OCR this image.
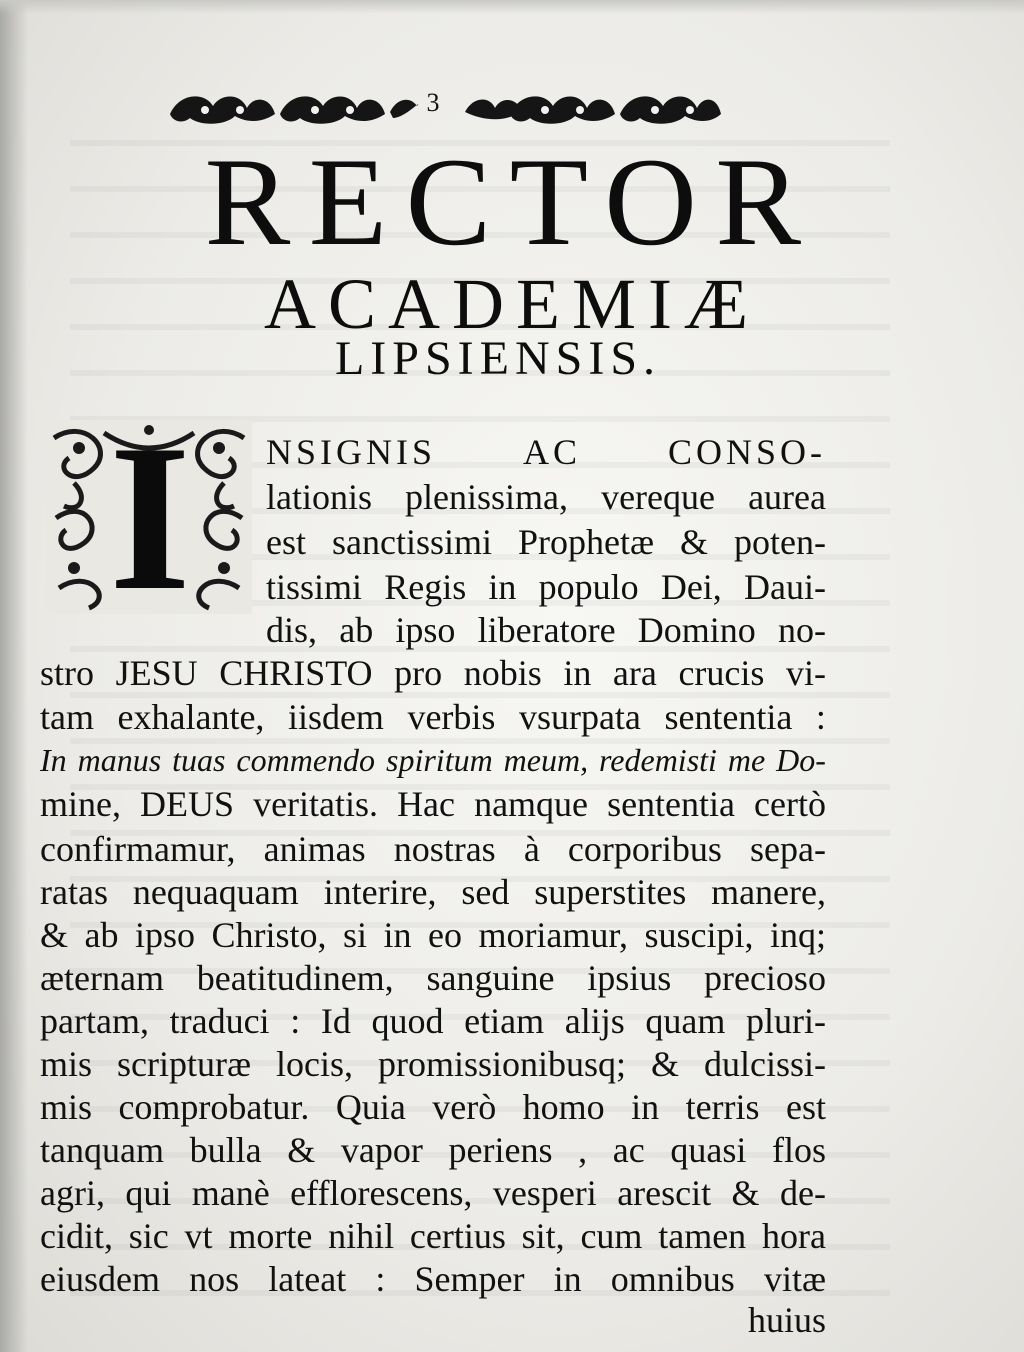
3
RECTOR
ACADEMIÆ
LIPSIENSIS.
I	NSIGNIS AC CONSO-
lationis plenissima, vereque aurea
est sanctissimi Prophetæ & poten-
tissimi Regis in populo Dei, Daui-
dis, ab ipso liberatore Domino no-
stro JESU CHRISTO pro nobis in ara crucis vi-
tam exhalante, iisdem verbis vsurpata sententia :
In manus tuas commendo spiritum meum, redemisti me Do-
mine, DEUS veritatis. Hac namque sententia certò
confirmamur, animas nostras à corporibus sepa-
ratas nequaquam interire, sed superstites manere,
& ab ipso Christo, si in eo moriamur, suscipi, inq;
æternam beatitudinem, sanguine ipsius precioso
partam, traduci : Id quod etiam alijs quam pluri-
mis scripturæ locis, promissionibusq; & dulcissi-
mis comprobatur. Quia verò homo in terris est
tanquam bulla & vapor periens , ac quasi flos
agri, qui manè efflorescens, vesperi arescit & de-
cidit, sic vt morte nihil certius sit, cum tamen hora
eiusdem nos lateat : Semper in omnibus vitæ
huius
